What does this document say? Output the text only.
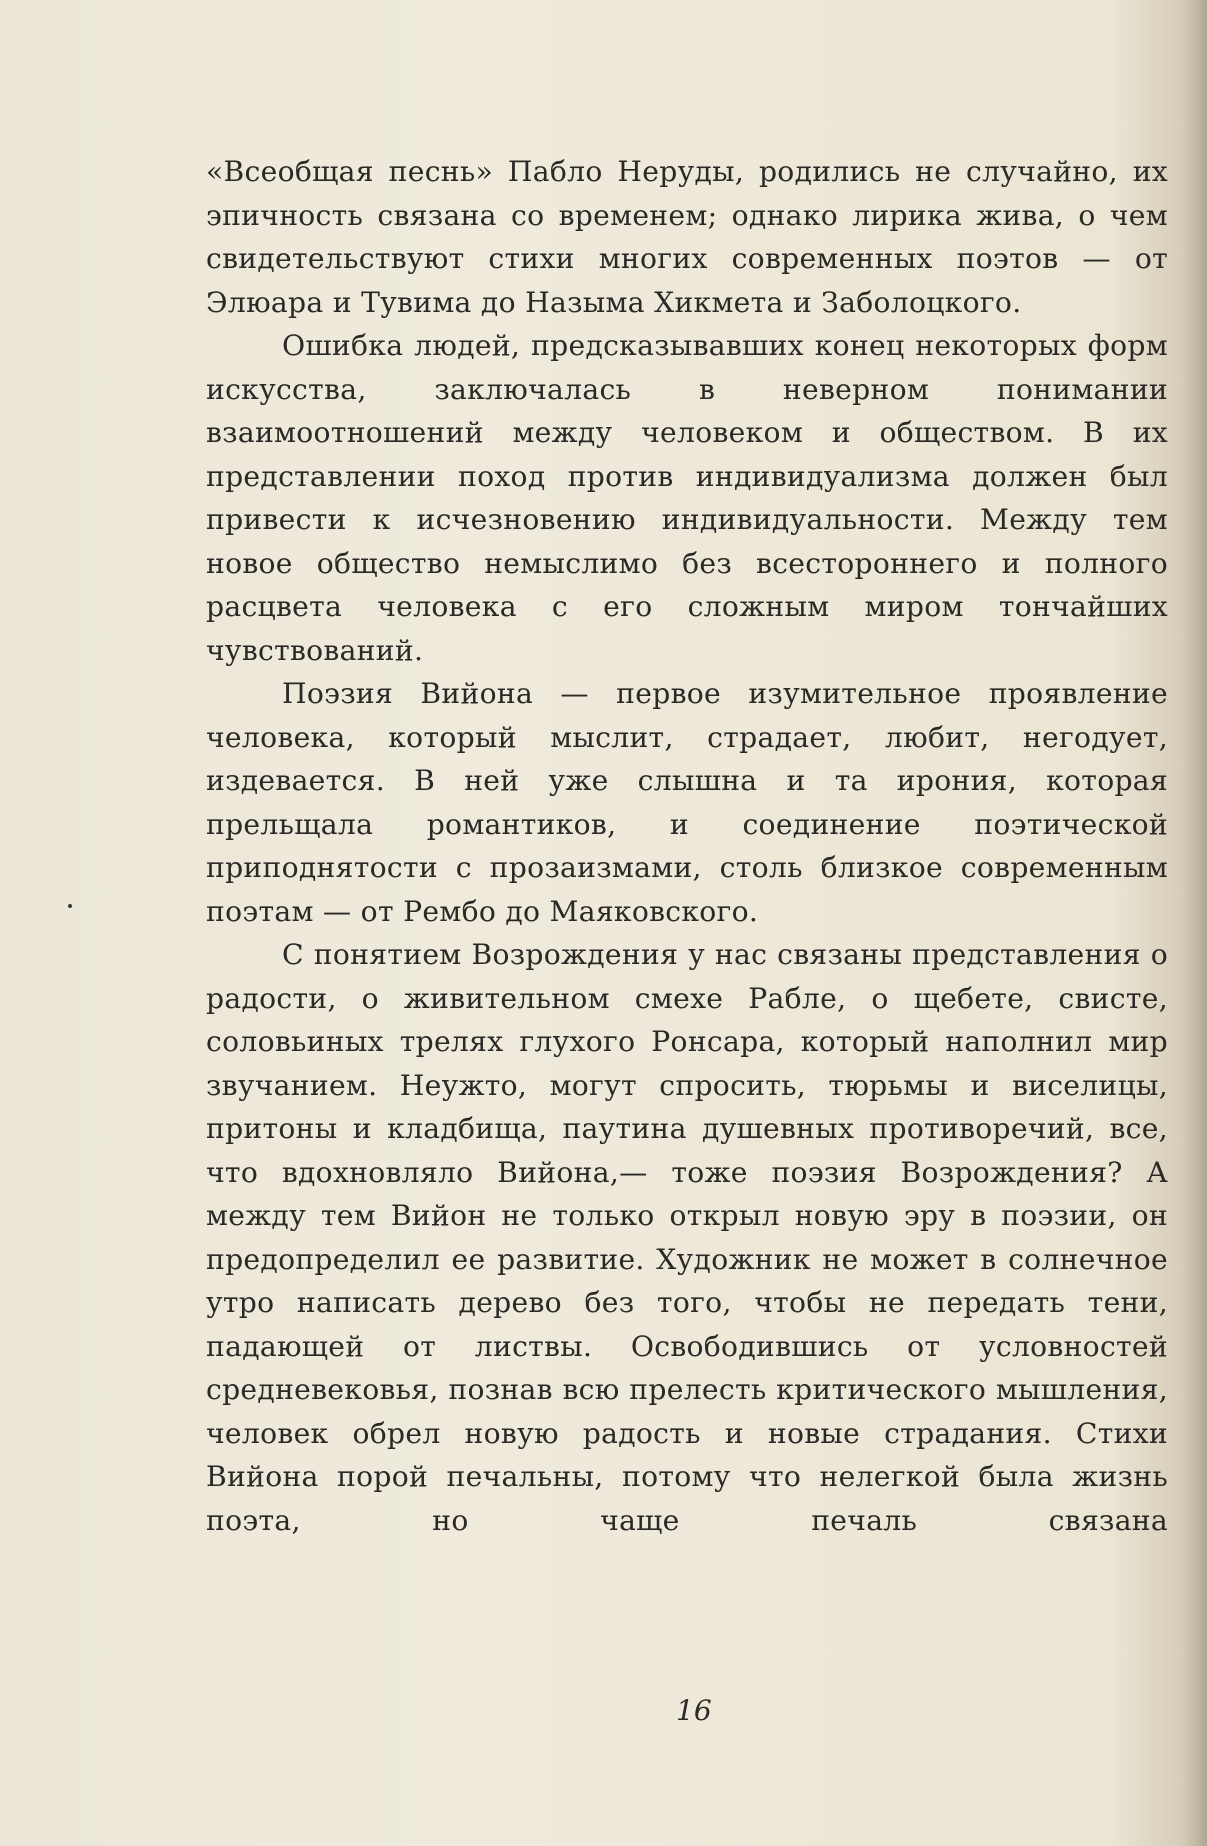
«Всеобщая песнь» Пабло Неруды, родились не случайно, их эпичность связана со временем; однако лирика жива, о чем свидетельствуют стихи многих современных поэтов — от Элюара и Тувима до Назыма Хикмета и Заболоцкого.

Ошибка людей, предсказывавших конец некоторых форм искусства, заключалась в неверном понимании взаимоотношений между человеком и обществом. В их представлении поход против индивидуализма должен был привести к исчезновению индивидуальности. Между тем новое общество немыслимо без всестороннего и полного расцвета человека с его сложным миром тончайших чувствований.

Поэзия Вийона — первое изумительное проявление человека, который мыслит, страдает, любит, негодует, издевается. В ней уже слышна и та ирония, которая прельщала романтиков, и соединение поэтической приподнятости с прозаизмами, столь близкое современным поэтам — от Рембо до Маяковского.

С понятием Возрождения у нас связаны представления о радости, о живительном смехе Рабле, о щебете, свисте, соловьиных трелях глухого Ронсара, который наполнил мир звучанием. Неужто, могут спросить, тюрьмы и виселицы, притоны и кладбища, паутина душевных противоречий, все, что вдохновляло Вийона,— тоже поэзия Возрождения? А между тем Вийон не только открыл новую эру в поэзии, он предопределил ее развитие. Художник не может в солнечное утро написать дерево без того, чтобы не передать тени, падающей от листвы. Освободившись от условностей средневековья, познав всю прелесть критического мышления, человек обрел новую радость и новые страдания. Стихи Вийона порой печальны, потому что нелегкой была жизнь поэта, но чаще печаль связана

16
